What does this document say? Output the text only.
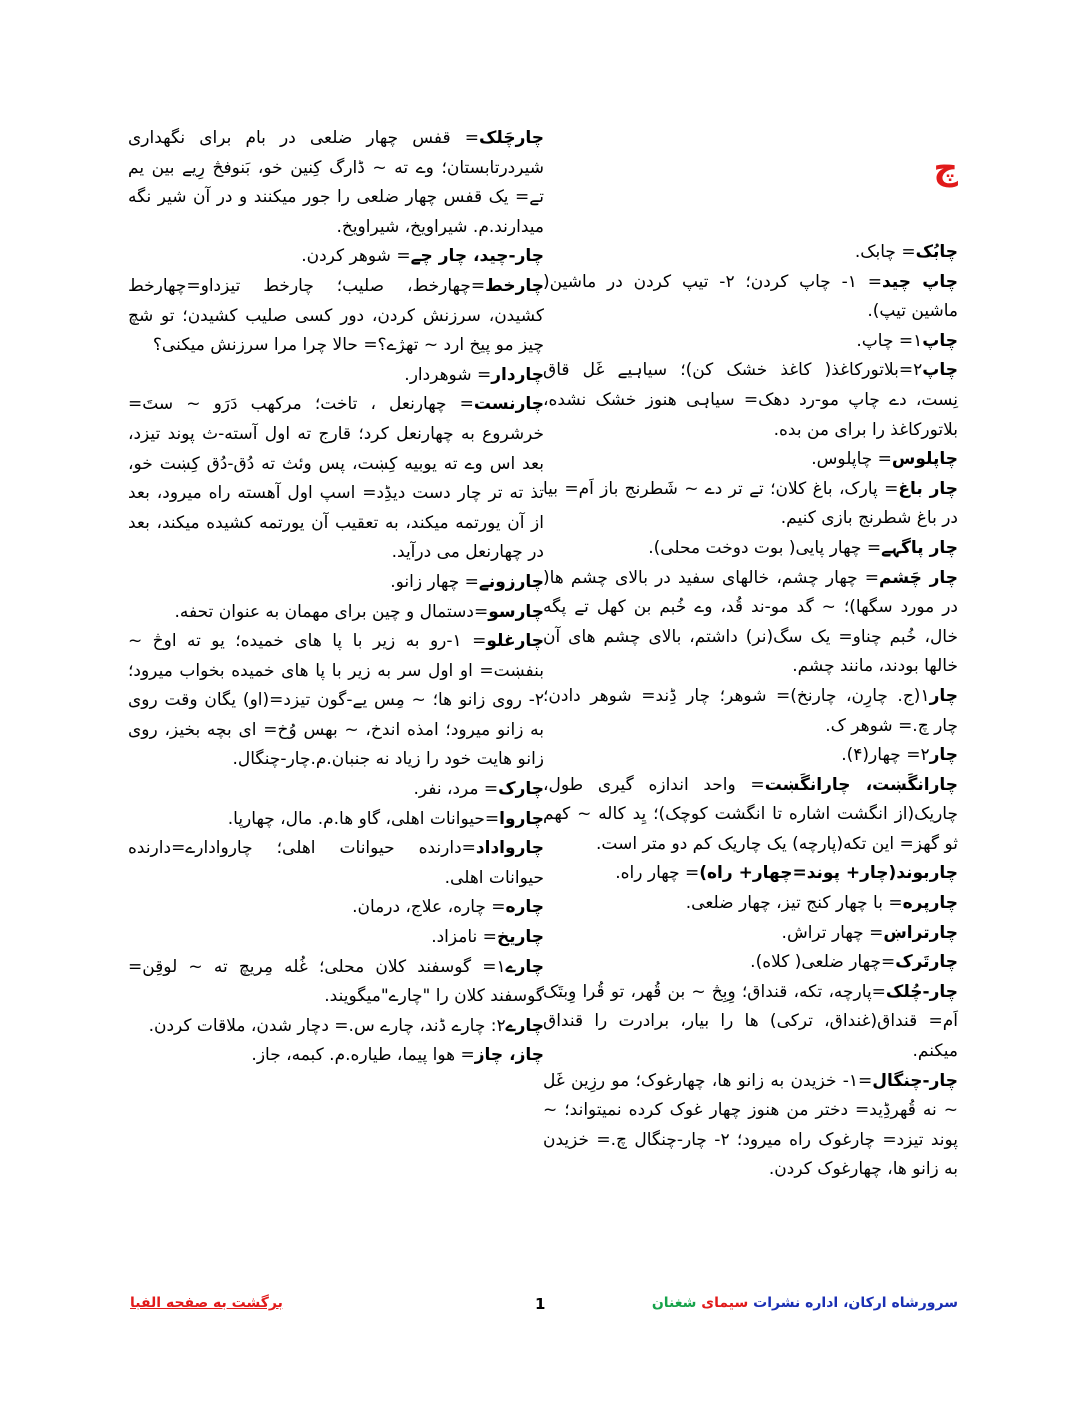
چ

چابُک= چابک.

چاپ چید= ۱- چاپ کردن؛ ۲- تیپ کردن در ماشین( ماشین تیپ).

چاپ۱= چاپ.

چاپ۲=بلاتورکاغذ( کاغذ خشک کن)؛ سیاہیے غَل قاق نِست، دے چاپ مو-رد دهک= سیاہی هنوز خشک نشده، بلاتورکاغذ را برای من بده.

چاپلوس= چاپلوس.

چار باغ= پارک، باغ کلان؛ تے تر دے ~ شَطرنج باز اَم= بیا در باغ شطرنج بازی کنیم.

چار پاگہے= چهار پایی( بوت دوخت محلی).

چار چَشم= چهار چشم، خالهای سفید در بالای چشم ها( در مورد سگها)؛ ~ گد مو-ند قُد، وے خُبم بن کهل تے پگه خال، خُبم چناو= یک سگ(نر) داشتم، بالای چشم های آن خالها بودند، مانند چشم.

چار۱(ج. چارِن، چارنخ)= شوهر؛ چار ڈِند= شوهر دادن؛ چار چ.= شوهر ک.

چار۲= چهار(۴).

چارانگَښت، چارانگَښت= واحد اندازه گیری طول، چاریک(از انگشت اشاره تا انگشت کوچک)؛ یِد کاله ~ کهم ثو گهز= این تکه(پارچه) یک چاریک کم دو متر است.

چاربوند(چار+ پوند=چهار+ راه)= چهار راه.

چارپره= با چهار کنج تیز، چهار ضلعی.

چارتراښ= چهار تراش.

چارتَرک=چهار ضلعی( کلاه).

چار-چُلک=پارچه، تکه، قنداق؛ وِبِڅ ~ بن قُهر، تو قُرا وِبتَک اَم= قنداق(غنداق، ترکی) ها را بیار، برادرت را قنداق میکنم.

چار-چنگال=۱- خزیدن به زانو ها، چهارغوک؛ مو رزِین غَل ~ نه قُهرڈِید= دختر من هنوز چهار غوک کرده نمیتواند؛ ~ پوند تیزد= چارغوک راه میرود؛ ۲- چار-چنگال چ.= خزیدن به زانو ها، چهارغوک کردن.

چارچَلک= قفس چهار ضلعی در بام برای نگهداری شیردرتابستان؛ وے ته ~ ڈارگ کِنین خو، بَنوفڅ رِیے بین یم تے= یک قفس چهار ضلعی را جور میکنند و در آن شیر نگه میدارند.م. شیراویخ، شیراویخ.

چار-چید، چار چے= شوهر کردن.

چارخط=چهارخط، صلیب؛ چارخط تیزداو=چهارخط کشیدن، سرزنش کردن، دور کسی صلیب کشیدن؛ تو شچ چیز مو پیخ ارد ~ تهژے؟= حالا چرا مرا سرزنش میکنی؟

چاردار= شوهردار.

چارنست= چهارنعل ، تاخت؛ مرکهب دَرَو ~ ستَ= خرشروع به چهارنعل کرد؛ قارج ته اول آسته-ث پوند تیزد، بعد اس وے ته یوبیه کِښت، پس وئث ته دُق-دُق کِښت خو، تذ ته تر چار دست دیڈِد= اسپ اول آهسته راه میرود، بعد از آن یورتمه میکند، به تعقیب آن یورتمه کشیده میکند، بعد در چهارنعل می درآید.

چارزونے= چهار زانو.

چارسو=دستمال و چین برای مهمان به عنوان تحفه.

چارغلو= ۱-رو به زیر با پا های خمیده؛ یو ته اوڅ ~ بنفښت= او اول سر به زیر با پا های خمیده بخواب میرود؛ ۲- روی زانو ها؛ ~ مِس یے-گون تیزد=(او) یگان وقت روی به زانو میرود؛ امذه اندخ، ~ بهس وُخ= ای بچه بخیز، روی زانو هایت خود را زیاد نه جنبان.م.چار-چنگال.

چارک= مرد، نفر.

چاروا=حیوانات اهلی، گاو ها.م. مال، چهارپا.

چارواداد=دارنده حیوانات اهلی؛ چاروادارے=دارنده حیوانات اهلی.

چاره= چاره، علاج، درمان.

چاریخ= نامزاد.

چارے۱= گوسفند کلان محلی؛ غُله مِریچ ته ~ لوقِن= گوسفند کلان را "چارے"میگویند.

چارے۲: چارے ڈند، چارے س.= دچار شدن، ملاقات کردن.

چاز، چاز= هوا پیما، طیاره.م. کبمه، جاز.

سرورشاه ارکان، اداره نشرات سیمای شغنان
1
برگشت به صفحه الفبا
